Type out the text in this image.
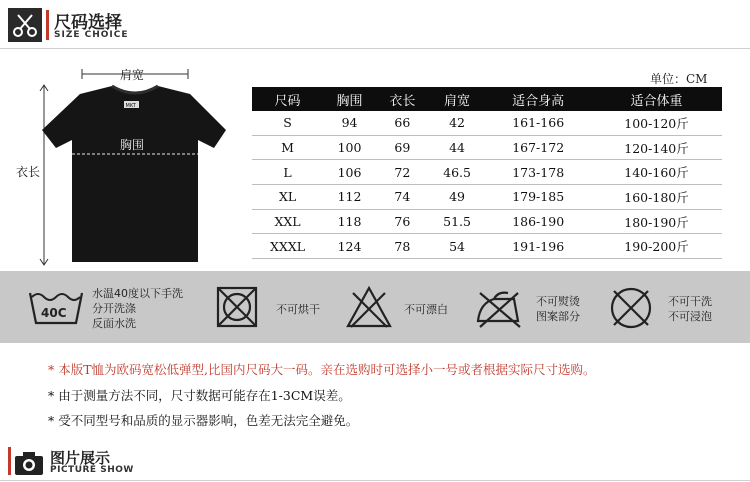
尺码选择
SIZE CHOICE
MKT
肩宽
胸围
衣长
单位：CM
尺码	胸围	衣长	肩宽	适合身高	适合体重
S	94	66	42	161-166	100-120斤
M	100	69	44	167-172	120-140斤
L	106	72	46.5	173-178	140-160斤
XL	112	74	49	179-185	160-180斤
XXL	118	76	51.5	186-190	180-190斤
XXXL	124	78	54	191-196	190-200斤
40C
水温40度以下手洗
分开洗涤
反面水洗
不可烘干	不可漂白
不可熨烫
图案部分
不可干洗
不可浸泡
* 本版T恤为欧码宽松低弹型,比国内尺码大一码。亲在选购时可选择小一号或者根据实际尺寸选购。
* 由于测量方法不同，尺寸数据可能存在1-3CM误差。
* 受不同型号和品质的显示器影响，色差无法完全避免。
图片展示
PICTURE SHOW
